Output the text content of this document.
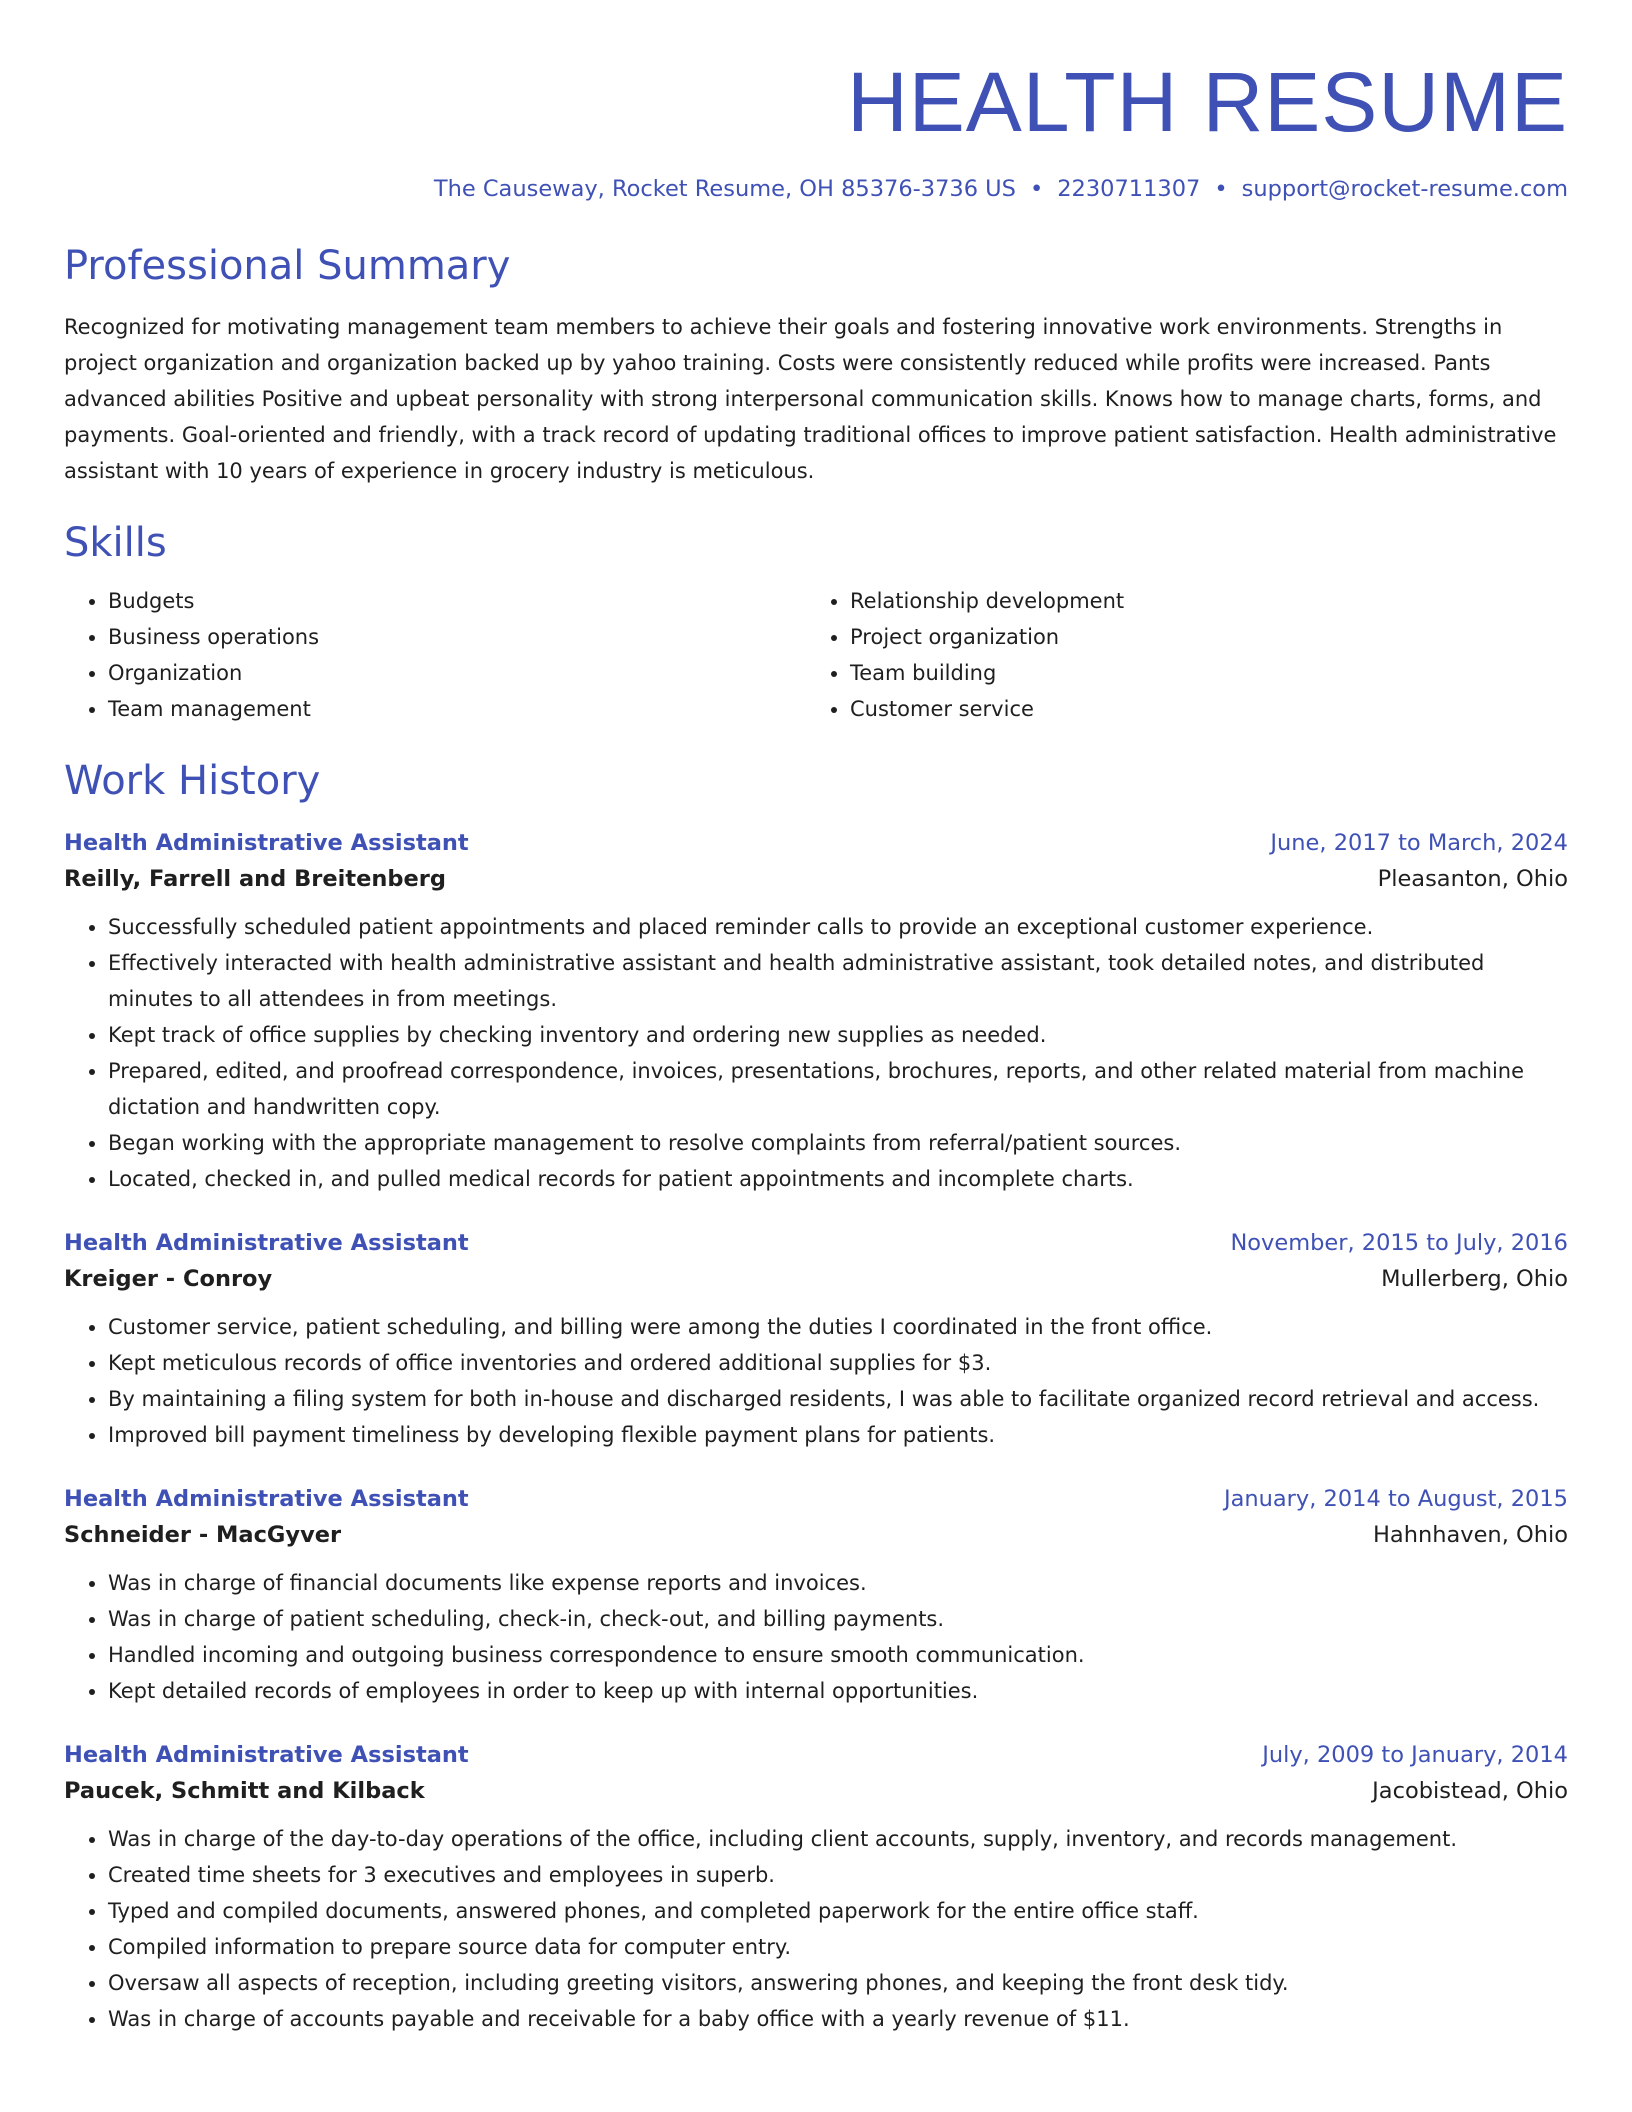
HEALTH RESUME
The Causeway, Rocket Resume, OH 85376-3736 US • 2230711307 • support@rocket-resume.com
Professional Summary

Recognized for motivating management team members to achieve their goals and fostering innovative work environments. Strengths in project organization and organization backed up by yahoo training. Costs were consistently reduced while profits were increased. Pants advanced abilities Positive and upbeat personality with strong interpersonal communication skills. Knows how to manage charts, forms, and payments. Goal-oriented and friendly, with a track record of updating traditional offices to improve patient satisfaction. Health administrative assistant with 10 years of experience in grocery industry is meticulous.

Skills
• Budgets
• Business operations
• Organization
• Team management
• Relationship development
• Project organization
• Team building
• Customer service
Work History
Health Administrative Assistant	June, 2017 to March, 2024
Reilly, Farrell and Breitenberg	Pleasanton, Ohio
• Successfully scheduled patient appointments and placed reminder calls to provide an exceptional customer experience.
• Effectively interacted with health administrative assistant and health administrative assistant, took detailed notes, and distributed minutes to all attendees in from meetings.
• Kept track of office supplies by checking inventory and ordering new supplies as needed.
• Prepared, edited, and proofread correspondence, invoices, presentations, brochures, reports, and other related material from machine dictation and handwritten copy.
• Began working with the appropriate management to resolve complaints from referral/patient sources.
• Located, checked in, and pulled medical records for patient appointments and incomplete charts.
Health Administrative Assistant	November, 2015 to July, 2016
Kreiger - Conroy	Mullerberg, Ohio
• Customer service, patient scheduling, and billing were among the duties I coordinated in the front office.
• Kept meticulous records of office inventories and ordered additional supplies for $3.
• By maintaining a filing system for both in-house and discharged residents, I was able to facilitate organized record retrieval and access.
• Improved bill payment timeliness by developing flexible payment plans for patients.
Health Administrative Assistant	January, 2014 to August, 2015
Schneider - MacGyver	Hahnhaven, Ohio
• Was in charge of financial documents like expense reports and invoices.
• Was in charge of patient scheduling, check-in, check-out, and billing payments.
• Handled incoming and outgoing business correspondence to ensure smooth communication.
• Kept detailed records of employees in order to keep up with internal opportunities.
Health Administrative Assistant	July, 2009 to January, 2014
Paucek, Schmitt and Kilback	Jacobistead, Ohio
• Was in charge of the day-to-day operations of the office, including client accounts, supply, inventory, and records management.
• Created time sheets for 3 executives and employees in superb.
• Typed and compiled documents, answered phones, and completed paperwork for the entire office staff.
• Compiled information to prepare source data for computer entry.
• Oversaw all aspects of reception, including greeting visitors, answering phones, and keeping the front desk tidy.
• Was in charge of accounts payable and receivable for a baby office with a yearly revenue of $11.
